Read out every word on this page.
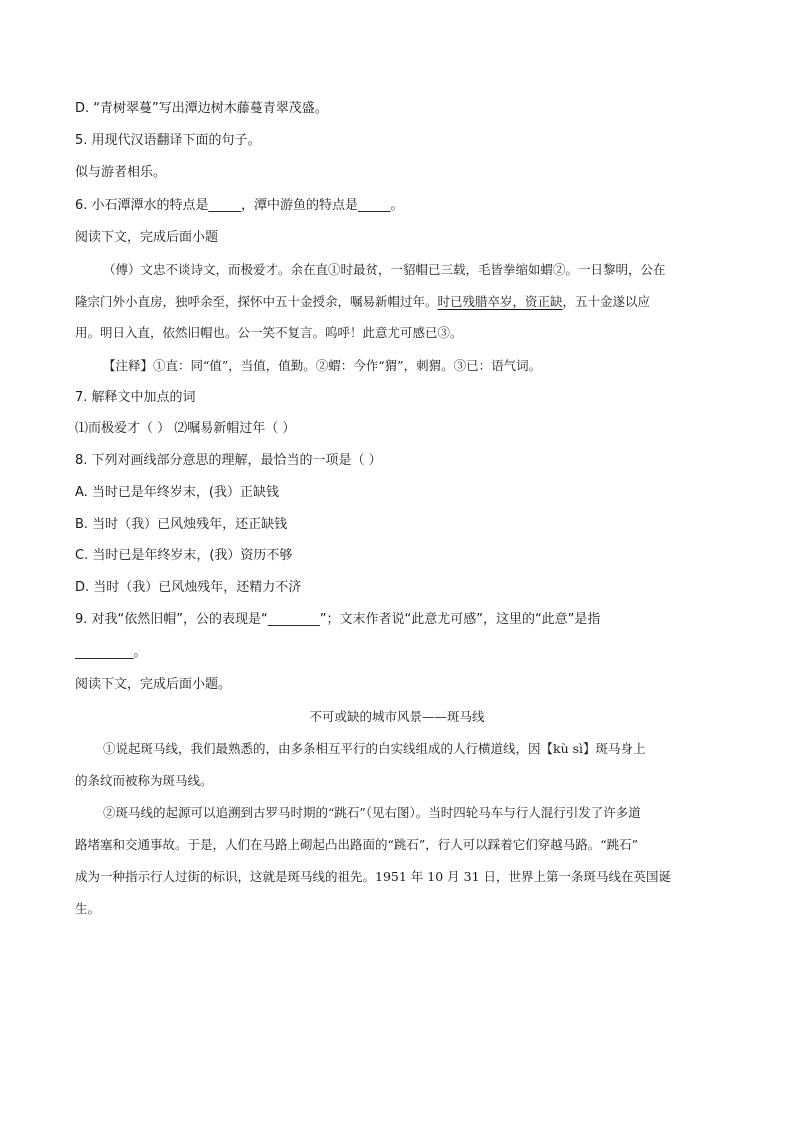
D. “青树翠蔓”写出潭边树木藤蔓青翠茂盛。
5. 用现代汉语翻译下面的句子。
似与游者相乐。
6. 小石潭潭水的特点是_____，潭中游鱼的特点是_____。
阅读下文，完成后面小题
（傅）文忠不谈诗文，而极爱才。余在直①时最贫，一貂帽已三载，毛皆拳缩如蝟②。一日黎明，公在
隆宗门外小直房，独呼余至，探怀中五十金授余，嘱易新帽过年。时已残腊卒岁，资正缺，五十金遂以应
用。明日入直，依然旧帽也。公一笑不复言。呜呼！此意尤可感已③。
【注释】①直：同“值”，当值，值勤。②蝟：今作“猬”，刺猬。③已：语气词。
7. 解释文中加点的词
⑴而极爱才（ ） ⑵嘱易新帽过年（ ）
8. 下列对画线部分意思的理解，最恰当的一项是（ ）
A. 当时已是年终岁末，(我）正缺钱
B. 当时（我）已风烛残年，还正缺钱
C. 当时已是年终岁末，(我）资历不够
D. 当时（我）已风烛残年，还精力不济
9. 对我“依然旧帽”，公的表现是“________”；文末作者说“此意尤可感”，这里的“此意”是指
_________。
阅读下文，完成后面小题。
不可或缺的城市风景——斑马线
①说起斑马线，我们最熟悉的，由多条相互平行的白实线组成的人行横道线，因【kù sì】斑马身上
的条纹而被称为斑马线。
②斑马线的起源可以追溯到古罗马时期的“跳石”（见右图）。当时四轮马车与行人混行引发了许多道
路堵塞和交通事故。于是，人们在马路上砌起凸出路面的“跳石”，行人可以踩着它们穿越马路。“跳石”
成为一种指示行人过街的标识，这就是斑马线的祖先。1951 年 10 月 31 日，世界上第一条斑马线在英国诞
生。
